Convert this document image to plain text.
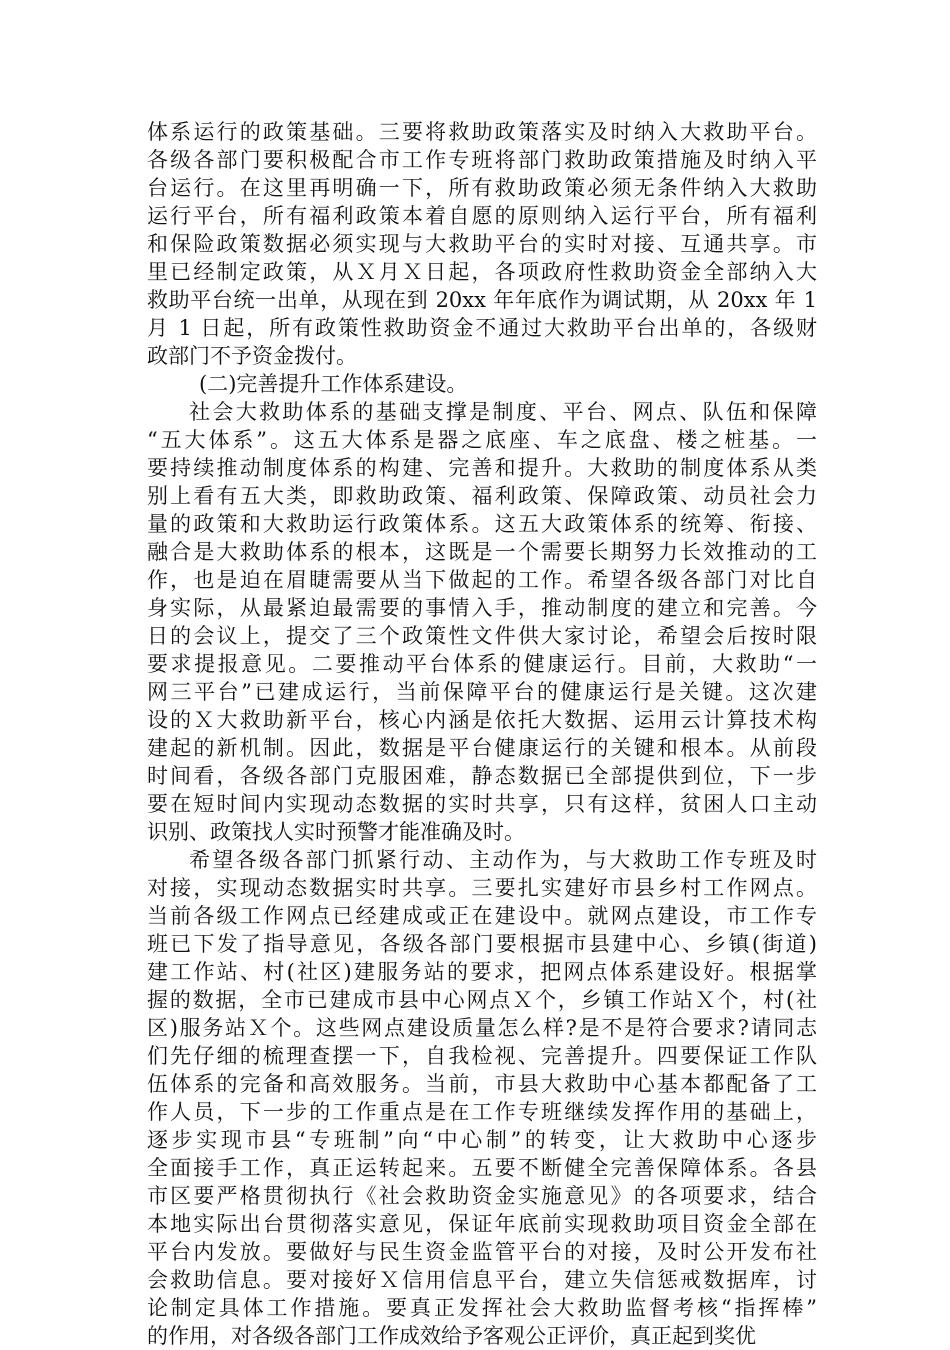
体系运行的政策基础。三要将救助政策落实及时纳入大救助平台。
各级各部门要积极配合市工作专班将部门救助政策措施及时纳入平
台运行。在这里再明确一下，所有救助政策必须无条件纳入大救助
运行平台，所有福利政策本着自愿的原则纳入运行平台，所有福利
和保险政策数据必须实现与大救助平台的实时对接、互通共享。市
里已经制定政策，从Ｘ月Ｘ日起，各项政府性救助资金全部纳入大
救助平台统一出单，从现在到 20xx 年年底作为调试期，从 20xx 年 1
月 1 日起，所有政策性救助资金不通过大救助平台出单的，各级财
政部门不予资金拨付。
(二)完善提升工作体系建设。
社会大救助体系的基础支撑是制度、平台、网点、队伍和保障
“五大体系”。这五大体系是器之底座、车之底盘、楼之桩基。一
要持续推动制度体系的构建、完善和提升。大救助的制度体系从类
别上看有五大类，即救助政策、福利政策、保障政策、动员社会力
量的政策和大救助运行政策体系。这五大政策体系的统筹、衔接、
融合是大救助体系的根本，这既是一个需要长期努力长效推动的工
作，也是迫在眉睫需要从当下做起的工作。希望各级各部门对比自
身实际，从最紧迫最需要的事情入手，推动制度的建立和完善。今
日的会议上，提交了三个政策性文件供大家讨论，希望会后按时限
要求提报意见。二要推动平台体系的健康运行。目前，大救助“一
网三平台”已建成运行，当前保障平台的健康运行是关键。这次建
设的Ｘ大救助新平台，核心内涵是依托大数据、运用云计算技术构
建起的新机制。因此，数据是平台健康运行的关键和根本。从前段
时间看，各级各部门克服困难，静态数据已全部提供到位，下一步
要在短时间内实现动态数据的实时共享，只有这样，贫困人口主动
识别、政策找人实时预警才能准确及时。
希望各级各部门抓紧行动、主动作为，与大救助工作专班及时
对接，实现动态数据实时共享。三要扎实建好市县乡村工作网点。
当前各级工作网点已经建成或正在建设中。就网点建设，市工作专
班已下发了指导意见，各级各部门要根据市县建中心、乡镇(街道)
建工作站、村(社区)建服务站的要求，把网点体系建设好。根据掌
握的数据，全市已建成市县中心网点Ｘ个，乡镇工作站Ｘ个，村(社
区)服务站Ｘ个。这些网点建设质量怎么样?是不是符合要求?请同志
们先仔细的梳理查摆一下，自我检视、完善提升。四要保证工作队
伍体系的完备和高效服务。当前，市县大救助中心基本都配备了工
作人员，下一步的工作重点是在工作专班继续发挥作用的基础上，
逐步实现市县“专班制”向“中心制”的转变，让大救助中心逐步
全面接手工作，真正运转起来。五要不断健全完善保障体系。各县
市区要严格贯彻执行《社会救助资金实施意见》的各项要求，结合
本地实际出台贯彻落实意见，保证年底前实现救助项目资金全部在
平台内发放。要做好与民生资金监管平台的对接，及时公开发布社
会救助信息。要对接好Ｘ信用信息平台，建立失信惩戒数据库，讨
论制定具体工作措施。要真正发挥社会大救助监督考核“指挥棒”
的作用，对各级各部门工作成效给予客观公正评价，真正起到奖优
